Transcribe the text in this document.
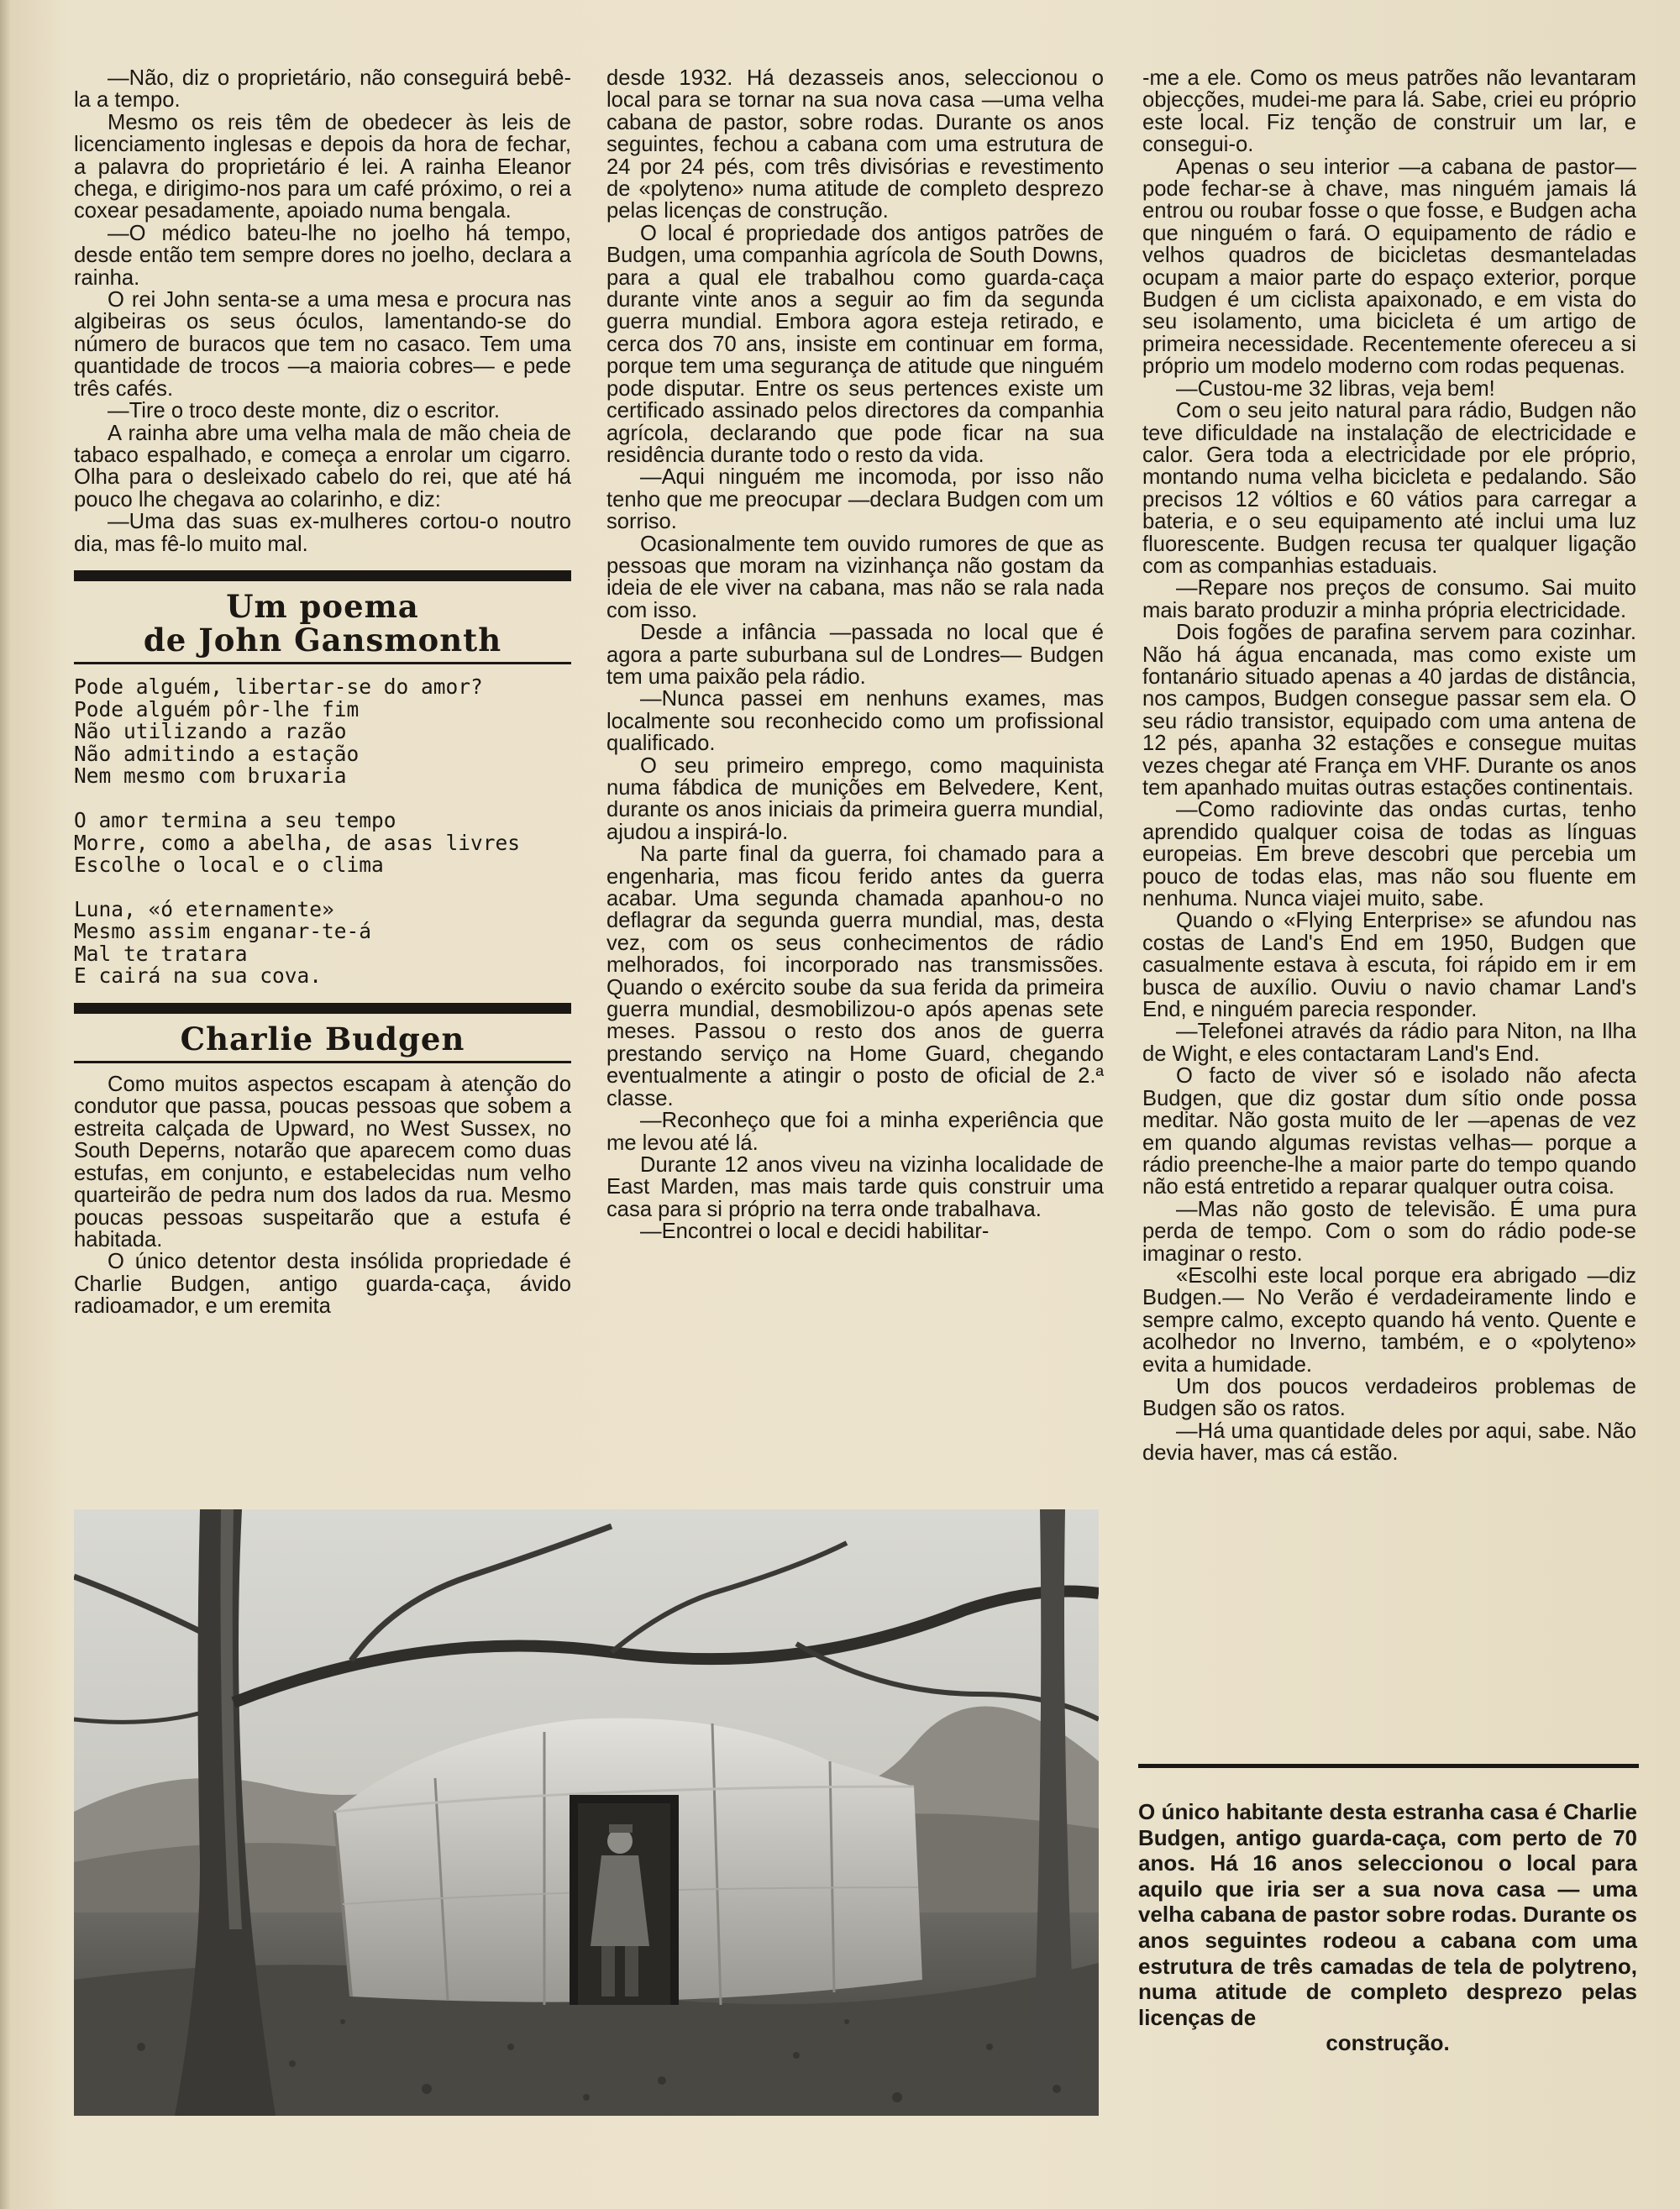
—Não, diz o proprietário, não conseguirá bebê-la a tempo.

Mesmo os reis têm de obedecer às leis de licenciamento inglesas e depois da hora de fechar, a palavra do proprietário é lei. A rainha Eleanor chega, e dirigimo-nos para um café próximo, o rei a coxear pesadamente, apoiado numa bengala.

—O médico bateu-lhe no joelho há tempo, desde então tem sempre dores no joelho, declara a rainha.

O rei John senta-se a uma mesa e procura nas algibeiras os seus óculos, lamentando-se do número de buracos que tem no casaco. Tem uma quantidade de trocos —a maioria cobres— e pede três cafés.

—Tire o troco deste monte, diz o escritor.

A rainha abre uma velha mala de mão cheia de tabaco espalhado, e começa a enrolar um cigarro. Olha para o desleixado cabelo do rei, que até há pouco lhe chegava ao colarinho, e diz:

—Uma das suas ex-mulheres cortou-o noutro dia, mas fê-lo muito mal.

Um poema
de John Gansmonth
Pode alguém, libertar-se do amor?
Pode alguém pôr-lhe fim
Não utilizando a razão
Não admitindo a estação
Nem mesmo com bruxaria
O amor termina a seu tempo
Morre, como a abelha, de asas livres
Escolhe o local e o clima
Luna, «ó eternamente»
Mesmo assim enganar-te-á
Mal te tratara
E cairá na sua cova.
Charlie Budgen

Como muitos aspectos escapam à atenção do condutor que passa, poucas pessoas que sobem a estreita calçada de Upward, no West Sussex, no South Deperns, notarão que aparecem como duas estufas, em conjunto, e estabelecidas num velho quarteirão de pedra num dos lados da rua. Mesmo poucas pessoas suspeitarão que a estufa é habitada.

O único detentor desta insólida propriedade é Charlie Budgen, antigo guarda-caça, ávido radioamador, e um eremita

desde 1932. Há dezasseis anos, seleccionou o local para se tornar na sua nova casa —uma velha cabana de pastor, sobre rodas. Durante os anos seguintes, fechou a cabana com uma estrutura de 24 por 24 pés, com três divisórias e revestimento de «polyteno» numa atitude de completo desprezo pelas licenças de construção.

O local é propriedade dos antigos patrões de Budgen, uma companhia agrícola de South Downs, para a qual ele trabalhou como guarda-caça durante vinte anos a seguir ao fim da segunda guerra mundial. Embora agora esteja retirado, e cerca dos 70 ans, insiste em continuar em forma, porque tem uma segurança de atitude que ninguém pode disputar. Entre os seus pertences existe um certificado assinado pelos directores da companhia agrícola, declarando que pode ficar na sua residência durante todo o resto da vida.

—Aqui ninguém me incomoda, por isso não tenho que me preocupar —declara Budgen com um sorriso.

Ocasionalmente tem ouvido rumores de que as pessoas que moram na vizinhança não gostam da ideia de ele viver na cabana, mas não se rala nada com isso.

Desde a infância —passada no local que é agora a parte suburbana sul de Londres— Budgen tem uma paixão pela rádio.

—Nunca passei em nenhuns exames, mas localmente sou reconhecido como um profissional qualificado.

O seu primeiro emprego, como maquinista numa fábdica de munições em Belvedere, Kent, durante os anos iniciais da primeira guerra mundial, ajudou a inspirá-lo.

Na parte final da guerra, foi chamado para a engenharia, mas ficou ferido antes da guerra acabar. Uma segunda chamada apanhou-o no deflagrar da segunda guerra mundial, mas, desta vez, com os seus conhecimentos de rádio melhorados, foi incorporado nas transmissões. Quando o exército soube da sua ferida da primeira guerra mundial, desmobilizou-o após apenas sete meses. Passou o resto dos anos de guerra prestando serviço na Home Guard, chegando eventualmente a atingir o posto de oficial de 2.ª classe.

—Reconheço que foi a minha experiência que me levou até lá.

Durante 12 anos viveu na vizinha localidade de East Marden, mas mais tarde quis construir uma casa para si próprio na terra onde trabalhava.

—Encontrei o local e decidi habilitar-

-me a ele. Como os meus patrões não levantaram objecções, mudei-me para lá. Sabe, criei eu próprio este local. Fiz tenção de construir um lar, e consegui-o.

Apenas o seu interior —a cabana de pastor— pode fechar-se à chave, mas ninguém jamais lá entrou ou roubar fosse o que fosse, e Budgen acha que ninguém o fará. O equipamento de rádio e velhos quadros de bicicletas desmanteladas ocupam a maior parte do espaço exterior, porque Budgen é um ciclista apaixonado, e em vista do seu isolamento, uma bicicleta é um artigo de primeira necessidade. Recentemente ofereceu a si próprio um modelo moderno com rodas pequenas.

—Custou-me 32 libras, veja bem!

Com o seu jeito natural para rádio, Budgen não teve dificuldade na instalação de electricidade e calor. Gera toda a electricidade por ele próprio, montando numa velha bicicleta e pedalando. São precisos 12 vóltios e 60 vátios para carregar a bateria, e o seu equipamento até inclui uma luz fluorescente. Budgen recusa ter qualquer ligação com as companhias estaduais.

—Repare nos preços de consumo. Sai muito mais barato produzir a minha própria electricidade.

Dois fogões de parafina servem para cozinhar. Não há água encanada, mas como existe um fontanário situado apenas a 40 jardas de distância, nos campos, Budgen consegue passar sem ela. O seu rádio transistor, equipado com uma antena de 12 pés, apanha 32 estações e consegue muitas vezes chegar até França em VHF. Durante os anos tem apanhado muitas outras estações continentais.

—Como radiovinte das ondas curtas, tenho aprendido qualquer coisa de todas as línguas europeias. Em breve descobri que percebia um pouco de todas elas, mas não sou fluente em nenhuma. Nunca viajei muito, sabe.

Quando o «Flying Enterprise» se afundou nas costas de Land's End em 1950, Budgen que casualmente estava à escuta, foi rápido em ir em busca de auxílio. Ouviu o navio chamar Land's End, e ninguém parecia responder.

—Telefonei através da rádio para Niton, na Ilha de Wight, e eles contactaram Land's End.

O facto de viver só e isolado não afecta Budgen, que diz gostar dum sítio onde possa meditar. Não gosta muito de ler —apenas de vez em quando algumas revistas velhas— porque a rádio preenche-lhe a maior parte do tempo quando não está entretido a reparar qualquer outra coisa.

—Mas não gosto de televisão. É uma pura perda de tempo. Com o som do rádio pode-se imaginar o resto.

«Escolhi este local porque era abrigado —diz Budgen.— No Verão é verdadeiramente lindo e sempre calmo, excepto quando há vento. Quente e acolhedor no Inverno, também, e o «polyteno» evita a humidade.

Um dos poucos verdadeiros problemas de Budgen são os ratos.

—Há uma quantidade deles por aqui, sabe. Não devia haver, mas cá estão.

O único habitante desta estranha casa é Charlie Budgen, antigo guarda-caça, com perto de 70 anos. Há 16 anos seleccionou o local para aquilo que iria ser a sua nova casa — uma velha cabana de pastor sobre rodas. Durante os anos seguintes rodeou a cabana com uma estrutura de três camadas de tela de polytreno, numa atitude de completo desprezo pelas licenças de
construção.
